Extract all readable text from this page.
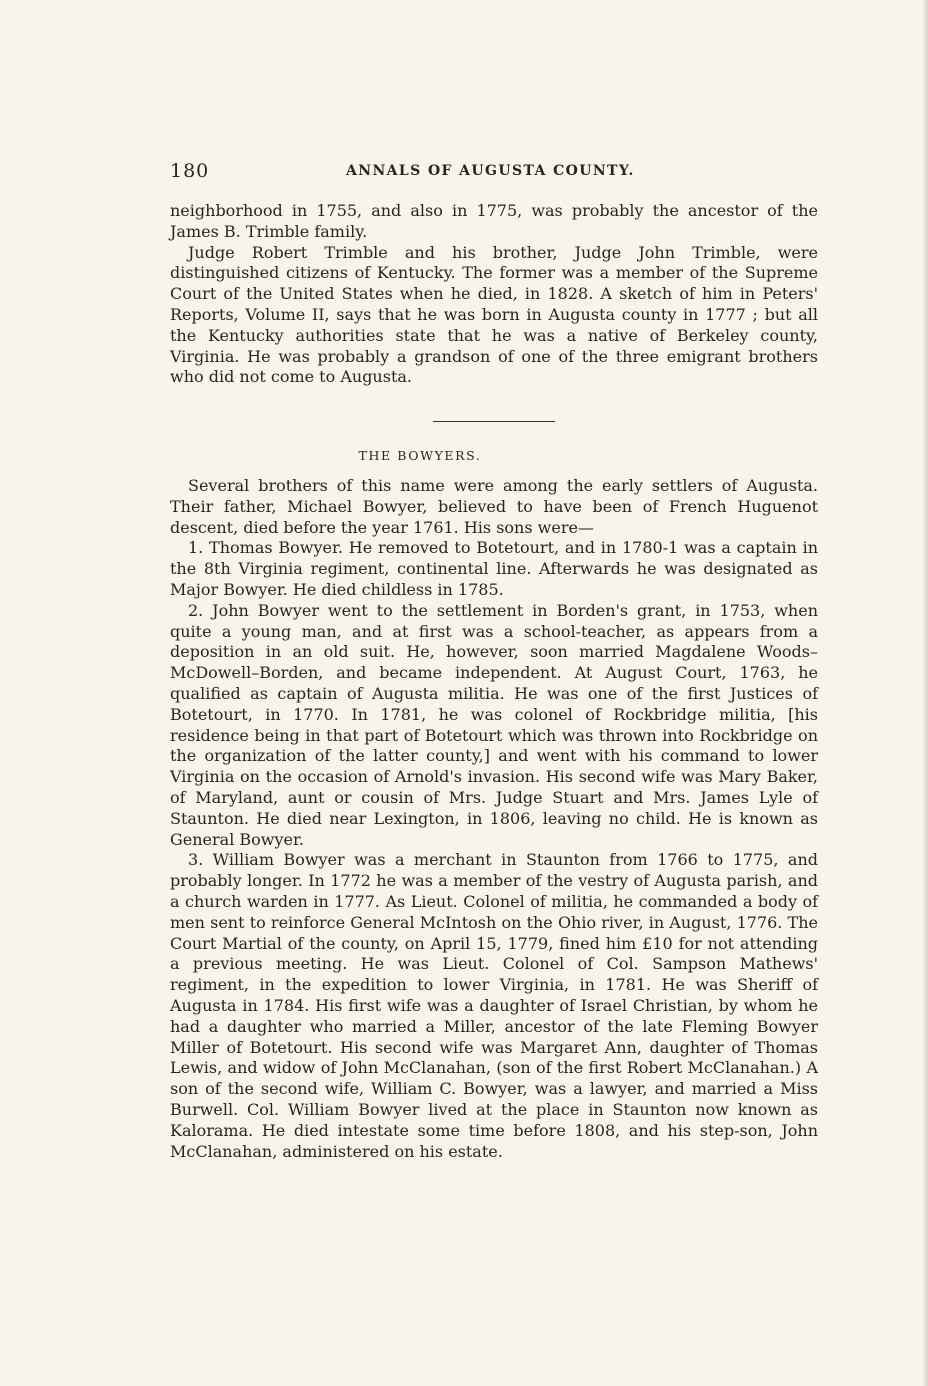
180	ANNALS OF AUGUSTA COUNTY.

neighborhood in 1755, and also in 1775, was probably the ancestor of the James B. Trimble family.

Judge Robert Trimble and his brother, Judge John Trimble, were distinguished citizens of Kentucky. The former was a member of the Supreme Court of the United States when he died, in 1828. A sketch of him in Peters' Reports, Volume II, says that he was born in Augusta county in 1777 ; but all the Kentucky authorities state that he was a native of Berkeley county, Virginia. He was probably a grandson of one of the three emigrant brothers who did not come to Augusta.

THE BOWYERS.

Several brothers of this name were among the early settlers of Augusta. Their father, Michael Bowyer, believed to have been of French Huguenot descent, died before the year 1761. His sons were—

1. Thomas Bowyer. He removed to Botetourt, and in 1780-1 was a captain in the 8th Virginia regiment, continental line. Afterwards he was designated as Major Bowyer. He died childless in 1785.

2. John Bowyer went to the settlement in Borden's grant, in 1753, when quite a young man, and at first was a school-teacher, as appears from a deposition in an old suit. He, however, soon married Magdalene Woods–McDowell–Borden, and became independent. At August Court, 1763, he qualified as captain of Augusta militia. He was one of the first Justices of Botetourt, in 1770. In 1781, he was colonel of Rockbridge militia, [his residence being in that part of Botetourt which was thrown into Rockbridge on the organization of the latter county,] and went with his command to lower Virginia on the occasion of Arnold's invasion. His second wife was Mary Baker, of Maryland, aunt or cousin of Mrs. Judge Stuart and Mrs. James Lyle of Staunton. He died near Lexington, in 1806, leaving no child. He is known as General Bowyer.

3. William Bowyer was a merchant in Staunton from 1766 to 1775, and probably longer. In 1772 he was a member of the vestry of Augusta parish, and a church warden in 1777. As Lieut. Colonel of militia, he commanded a body of men sent to reinforce General McIntosh on the Ohio river, in August, 1776. The Court Martial of the county, on April 15, 1779, fined him £10 for not attending a previous meeting. He was Lieut. Colonel of Col. Sampson Mathews' regiment, in the expedition to lower Virginia, in 1781. He was Sheriff of Augusta in 1784. His first wife was a daughter of Israel Christian, by whom he had a daughter who married a Miller, ancestor of the late Fleming Bowyer Miller of Botetourt. His second wife was Margaret Ann, daughter of Thomas Lewis, and widow of John McClanahan, (son of the first Robert McClanahan.) A son of the second wife, William C. Bowyer, was a lawyer, and married a Miss Burwell. Col. William Bowyer lived at the place in Staunton now known as Kalorama. He died intestate some time before 1808, and his step-son, John McClanahan, administered on his estate.
